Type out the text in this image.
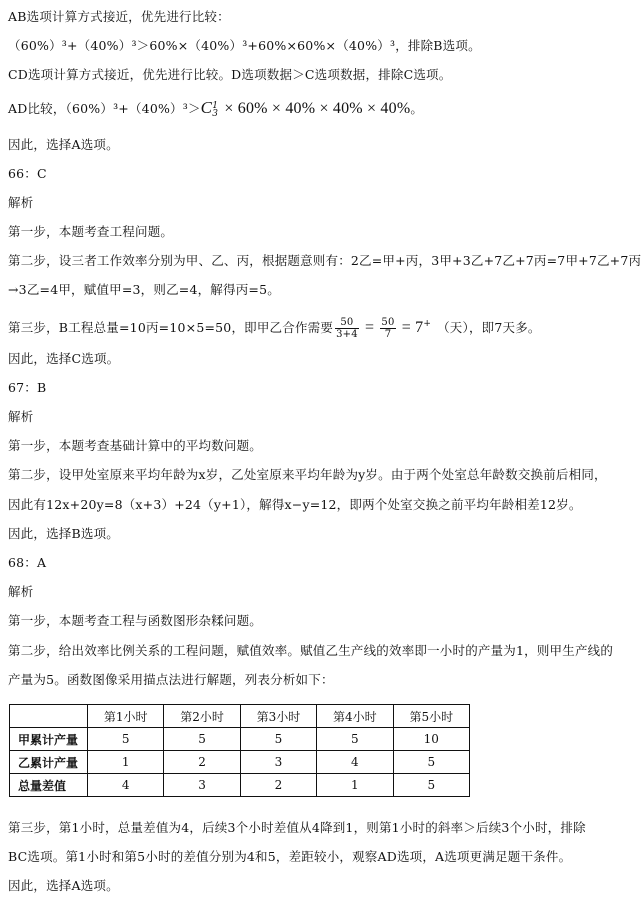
AB选项计算方式接近，优先进行比较：
（60%）³+（40%）³＞60%×（40%）³+60%×60%×（40%）³，排除B选项。
CD选项计算方式接近，优先进行比较。D选项数据＞C选项数据，排除C选项。
AD比较，（60%）³+（40%）³＞C 1
3 × 60% × 40% × 40% × 40%。
因此，选择A选项。
66：C
解析
第一步，本题考查工程问题。
第二步，设三者工作效率分别为甲、乙、丙，根据题意则有：2乙=甲+丙，3甲+3乙+7乙+7丙=7甲+7乙+7丙
→3乙=4甲，赋值甲=3，则乙=4，解得丙=5。
第三步，B工程总量=10丙=10×5=50，即甲乙合作需要 $\frac{50}{3+4} = \frac{50}{7} = 7^+$ （天），即7天多。
因此，选择C选项。
67：B
解析
第一步，本题考查基础计算中的平均数问题。
第二步，设甲处室原来平均年龄为x岁，乙处室原来平均年龄为y岁。由于两个处室总年龄数交换前后相同，
因此有12x+20y=8（x+3）+24（y+1），解得x−y=12，即两个处室交换之前平均年龄相差12岁。
因此，选择B选项。
68：A
解析
第一步，本题考查工程与函数图形杂糅问题。
第二步，给出效率比例关系的工程问题，赋值效率。赋值乙生产线的效率即一小时的产量为1，则甲生产线的
产量为5。函数图像采用描点法进行解题，列表分析如下：
	第1小时	第2小时	第3小时	第4小时	第5小时
甲累计产量	5	5	5	5	10
乙累计产量	1	2	3	4	5
总量差值	4	3	2	1	5
第三步，第1小时，总量差值为4，后续3个小时差值从4降到1，则第1小时的斜率＞后续3个小时，排除
BC选项。第1小时和第5小时的差值分别为4和5，差距较小，观察AD选项，A选项更满足题干条件。
因此，选择A选项。
